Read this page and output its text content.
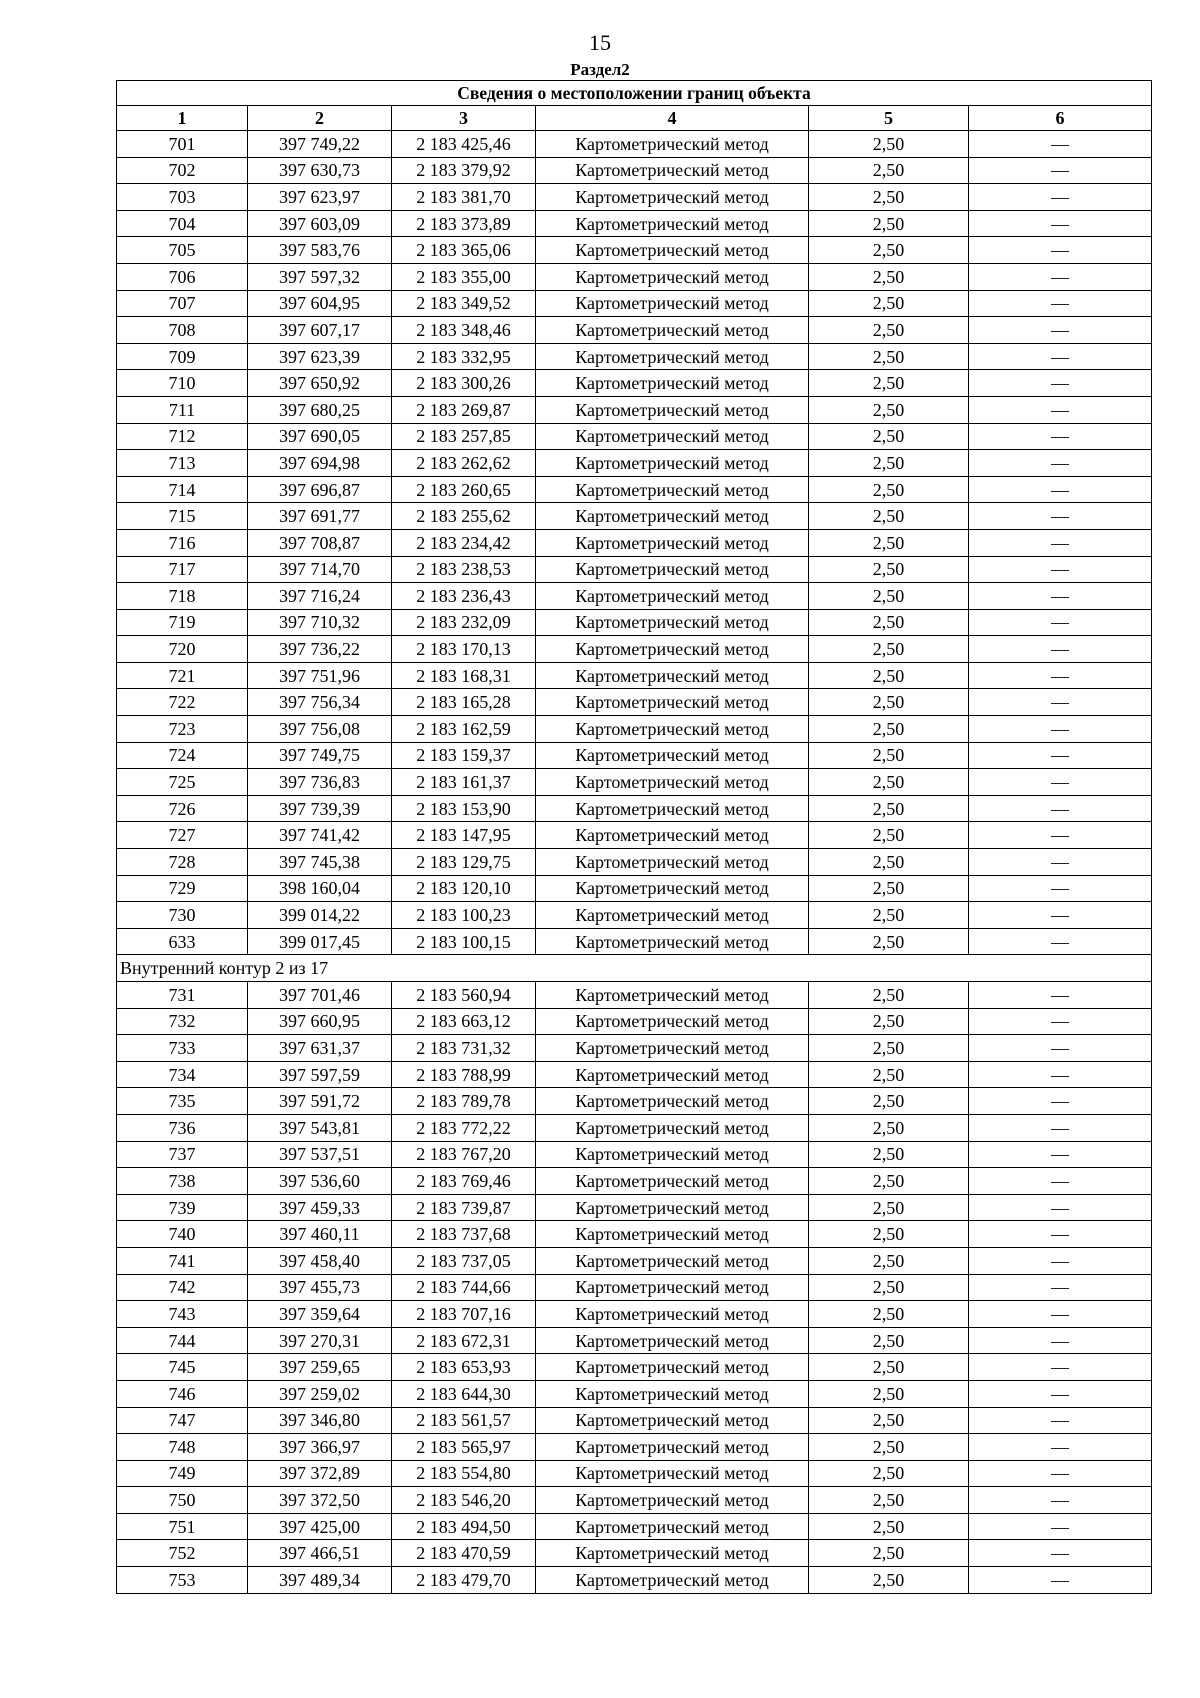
15
Раздел2
Сведения о местоположении границ объекта					
1	2	3	4	5	6
701	397 749,22	2 183 425,46	Картометрический метод	2,50	—
702	397 630,73	2 183 379,92	Картометрический метод	2,50	—
703	397 623,97	2 183 381,70	Картометрический метод	2,50	—
704	397 603,09	2 183 373,89	Картометрический метод	2,50	—
705	397 583,76	2 183 365,06	Картометрический метод	2,50	—
706	397 597,32	2 183 355,00	Картометрический метод	2,50	—
707	397 604,95	2 183 349,52	Картометрический метод	2,50	—
708	397 607,17	2 183 348,46	Картометрический метод	2,50	—
709	397 623,39	2 183 332,95	Картометрический метод	2,50	—
710	397 650,92	2 183 300,26	Картометрический метод	2,50	—
711	397 680,25	2 183 269,87	Картометрический метод	2,50	—
712	397 690,05	2 183 257,85	Картометрический метод	2,50	—
713	397 694,98	2 183 262,62	Картометрический метод	2,50	—
714	397 696,87	2 183 260,65	Картометрический метод	2,50	—
715	397 691,77	2 183 255,62	Картометрический метод	2,50	—
716	397 708,87	2 183 234,42	Картометрический метод	2,50	—
717	397 714,70	2 183 238,53	Картометрический метод	2,50	—
718	397 716,24	2 183 236,43	Картометрический метод	2,50	—
719	397 710,32	2 183 232,09	Картометрический метод	2,50	—
720	397 736,22	2 183 170,13	Картометрический метод	2,50	—
721	397 751,96	2 183 168,31	Картометрический метод	2,50	—
722	397 756,34	2 183 165,28	Картометрический метод	2,50	—
723	397 756,08	2 183 162,59	Картометрический метод	2,50	—
724	397 749,75	2 183 159,37	Картометрический метод	2,50	—
725	397 736,83	2 183 161,37	Картометрический метод	2,50	—
726	397 739,39	2 183 153,90	Картометрический метод	2,50	—
727	397 741,42	2 183 147,95	Картометрический метод	2,50	—
728	397 745,38	2 183 129,75	Картометрический метод	2,50	—
729	398 160,04	2 183 120,10	Картометрический метод	2,50	—
730	399 014,22	2 183 100,23	Картометрический метод	2,50	—
633	399 017,45	2 183 100,15	Картометрический метод	2,50	—
Внутренний контур 2 из 17					
731	397 701,46	2 183 560,94	Картометрический метод	2,50	—
732	397 660,95	2 183 663,12	Картометрический метод	2,50	—
733	397 631,37	2 183 731,32	Картометрический метод	2,50	—
734	397 597,59	2 183 788,99	Картометрический метод	2,50	—
735	397 591,72	2 183 789,78	Картометрический метод	2,50	—
736	397 543,81	2 183 772,22	Картометрический метод	2,50	—
737	397 537,51	2 183 767,20	Картометрический метод	2,50	—
738	397 536,60	2 183 769,46	Картометрический метод	2,50	—
739	397 459,33	2 183 739,87	Картометрический метод	2,50	—
740	397 460,11	2 183 737,68	Картометрический метод	2,50	—
741	397 458,40	2 183 737,05	Картометрический метод	2,50	—
742	397 455,73	2 183 744,66	Картометрический метод	2,50	—
743	397 359,64	2 183 707,16	Картометрический метод	2,50	—
744	397 270,31	2 183 672,31	Картометрический метод	2,50	—
745	397 259,65	2 183 653,93	Картометрический метод	2,50	—
746	397 259,02	2 183 644,30	Картометрический метод	2,50	—
747	397 346,80	2 183 561,57	Картометрический метод	2,50	—
748	397 366,97	2 183 565,97	Картометрический метод	2,50	—
749	397 372,89	2 183 554,80	Картометрический метод	2,50	—
750	397 372,50	2 183 546,20	Картометрический метод	2,50	—
751	397 425,00	2 183 494,50	Картометрический метод	2,50	—
752	397 466,51	2 183 470,59	Картометрический метод	2,50	—
753	397 489,34	2 183 479,70	Картометрический метод	2,50	—
